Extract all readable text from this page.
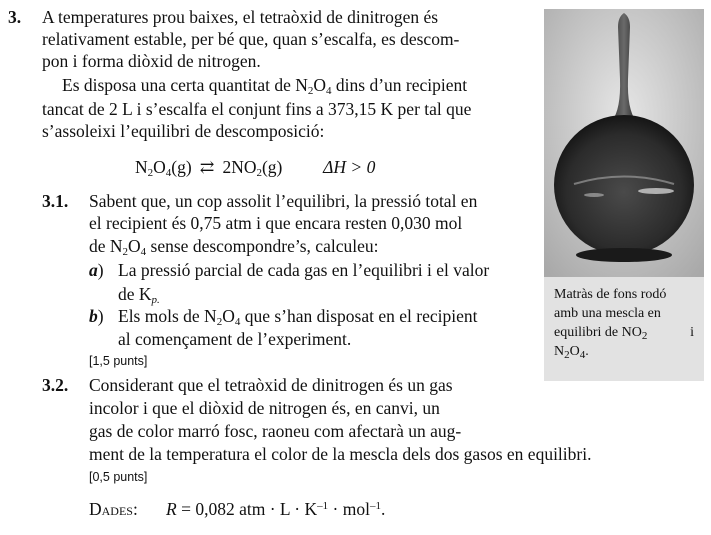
3. A temperatures prou baixes, el tetraòxid de dinitrogen és
relativament estable, per bé que, quan s’escalfa, es descom-
pon i forma diòxid de nitrogen.
Es disposa una certa quantitat de $N_2O_4$ dins d’un recipient
tancat de 2 L i s’escalfa el conjunt fins a 373,15 K per tal que
s’assoleixi l’equilibri de descomposició:
$N_2O_4(g)$ ⇄ $2NO_2(g) \Delta H > 0$
3.1. Sabent que, un cop assolit l’equilibri, la pressió total en
el recipient és 0,75 atm i que encara resten 0,030 mol
de $N_2O_4$ sense descompondre’s, calculeu:
a) La pressió parcial de cada gas en l’equilibri i el valor
de $K_{p.}$
b) Els mols de $N_2O_4$ que s’han disposat en el recipient
al començament de l’experiment.
[1,5 punts]
3.2. Considerant que el tetraòxid de dinitrogen és un gas
incolor i que el diòxid de nitrogen és, en canvi, un
gas de color marró fosc, raoneu com afectarà un aug-
ment de la temperatura el color de la mescla dels dos gasos en equilibri.
[0,5 punts]
Dades: R = 0,082 atm · $L \cdot K^{-1} \cdot mol^{-1}$.
Matràs de fons rodó
amb una mescla en
equilibri de $NO_2$	i
$N_2O_4$.
